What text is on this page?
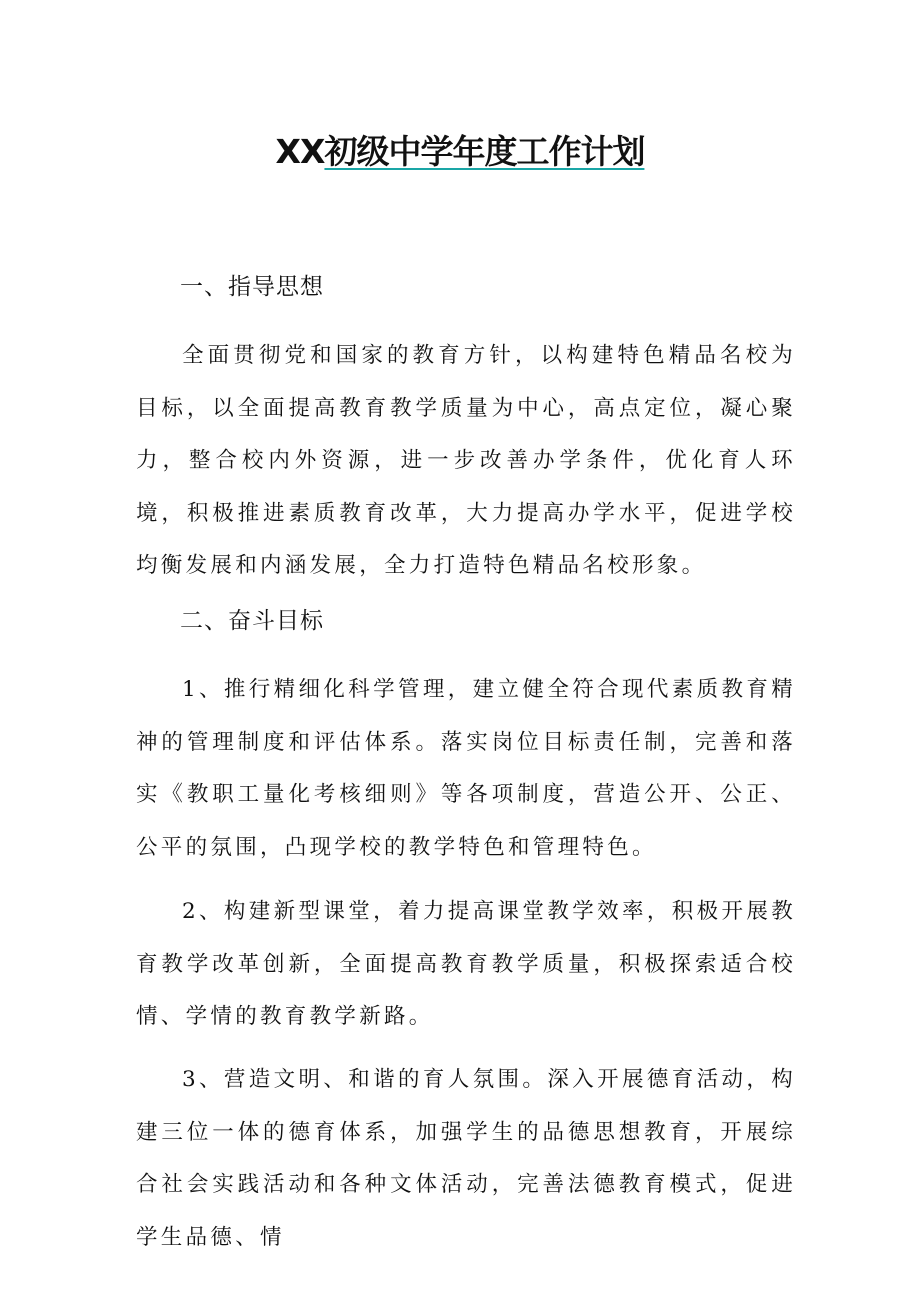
XX初级中学年度工作计划
一、指导思想

全面贯彻党和国家的教育方针，以构建特色精品名校为目标，以全面提高教育教学质量为中心，高点定位，凝心聚力，整合校内外资源，进一步改善办学条件，优化育人环境，积极推进素质教育改革，大力提高办学水平，促进学校均衡发展和内涵发展，全力打造特色精品名校形象。

二、奋斗目标

1、推行精细化科学管理，建立健全符合现代素质教育精神的管理制度和评估体系。落实岗位目标责任制，完善和落实《教职工量化考核细则》等各项制度，营造公开、公正、公平的氛围，凸现学校的教学特色和管理特色。

2、构建新型课堂，着力提高课堂教学效率，积极开展教育教学改革创新，全面提高教育教学质量，积极探索适合校情、学情的教育教学新路。

3、营造文明、和谐的育人氛围。深入开展德育活动，构建三位一体的德育体系，加强学生的品德思想教育，开展综合社会实践活动和各种文体活动，完善法德教育模式，促进学生品德、情
